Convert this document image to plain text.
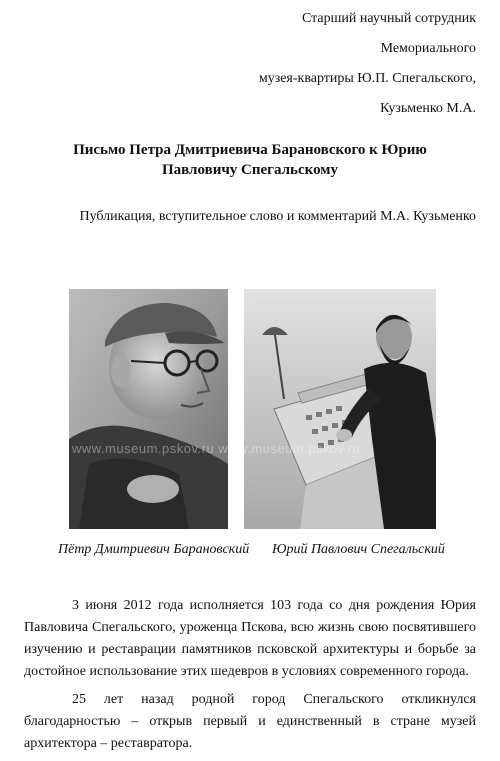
Старший научный сотрудник
Мемориального
музея-квартиры Ю.П. Спегальского,
Кузьменко М.А.
Письмо Петра Дмитриевича Барановского к Юрию Павловичу Спегальскому
Публикация, вступительное слово и комментарий М.А. Кузьменко
www.museum.pskov.ru www.museum.pskov.ru
Пётр Дмитриевич Барановский Юрий Павлович Спегальский

3 июня 2012 года исполняется 103 года со дня рождения Юрия Павловича Спегальского, уроженца Пскова, всю жизнь свою посвятившего изучению и реставрации памятников псковской архитектуры и борьбе за достойное использование этих шедевров в условиях современного города.

25 лет назад родной город Спегальского откликнулся благодарностью – открыв первый и единственный в стране музей архитектора – реставратора.
